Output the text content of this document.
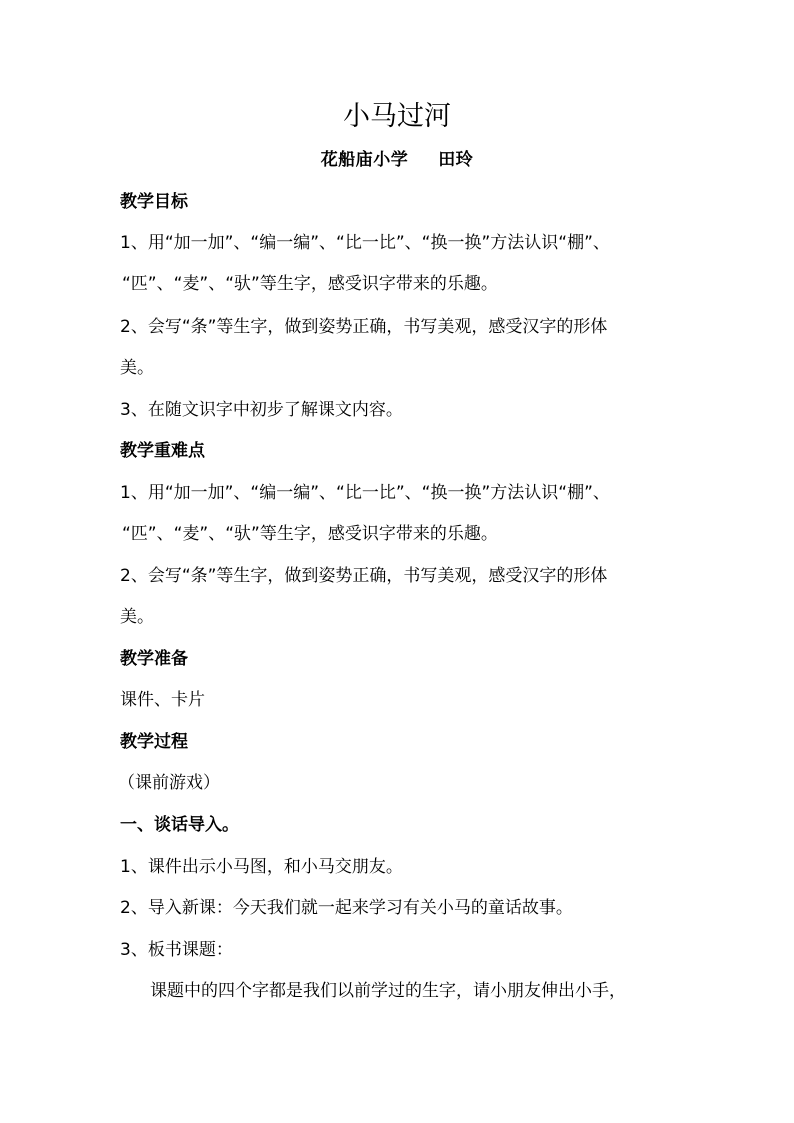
小马过河
花船庙小学 田玲
教学目标
1、用“加一加”、“编一编”、“比一比”、“换一换”方法认识“棚”、
“匹”、“麦”、“驮”等生字，感受识字带来的乐趣。
2、会写“条”等生字，做到姿势正确，书写美观，感受汉字的形体
美。
3、在随文识字中初步了解课文内容。
教学重难点
1、用“加一加”、“编一编”、“比一比”、“换一换”方法认识“棚”、
“匹”、“麦”、“驮”等生字，感受识字带来的乐趣。
2、会写“条”等生字，做到姿势正确，书写美观，感受汉字的形体
美。
教学准备
课件、卡片
教学过程
（课前游戏）
一、谈话导入。
1、课件出示小马图，和小马交朋友。
2、导入新课：今天我们就一起来学习有关小马的童话故事。
3、板书课题：
课题中的四个字都是我们以前学过的生字，请小朋友伸出小手，
